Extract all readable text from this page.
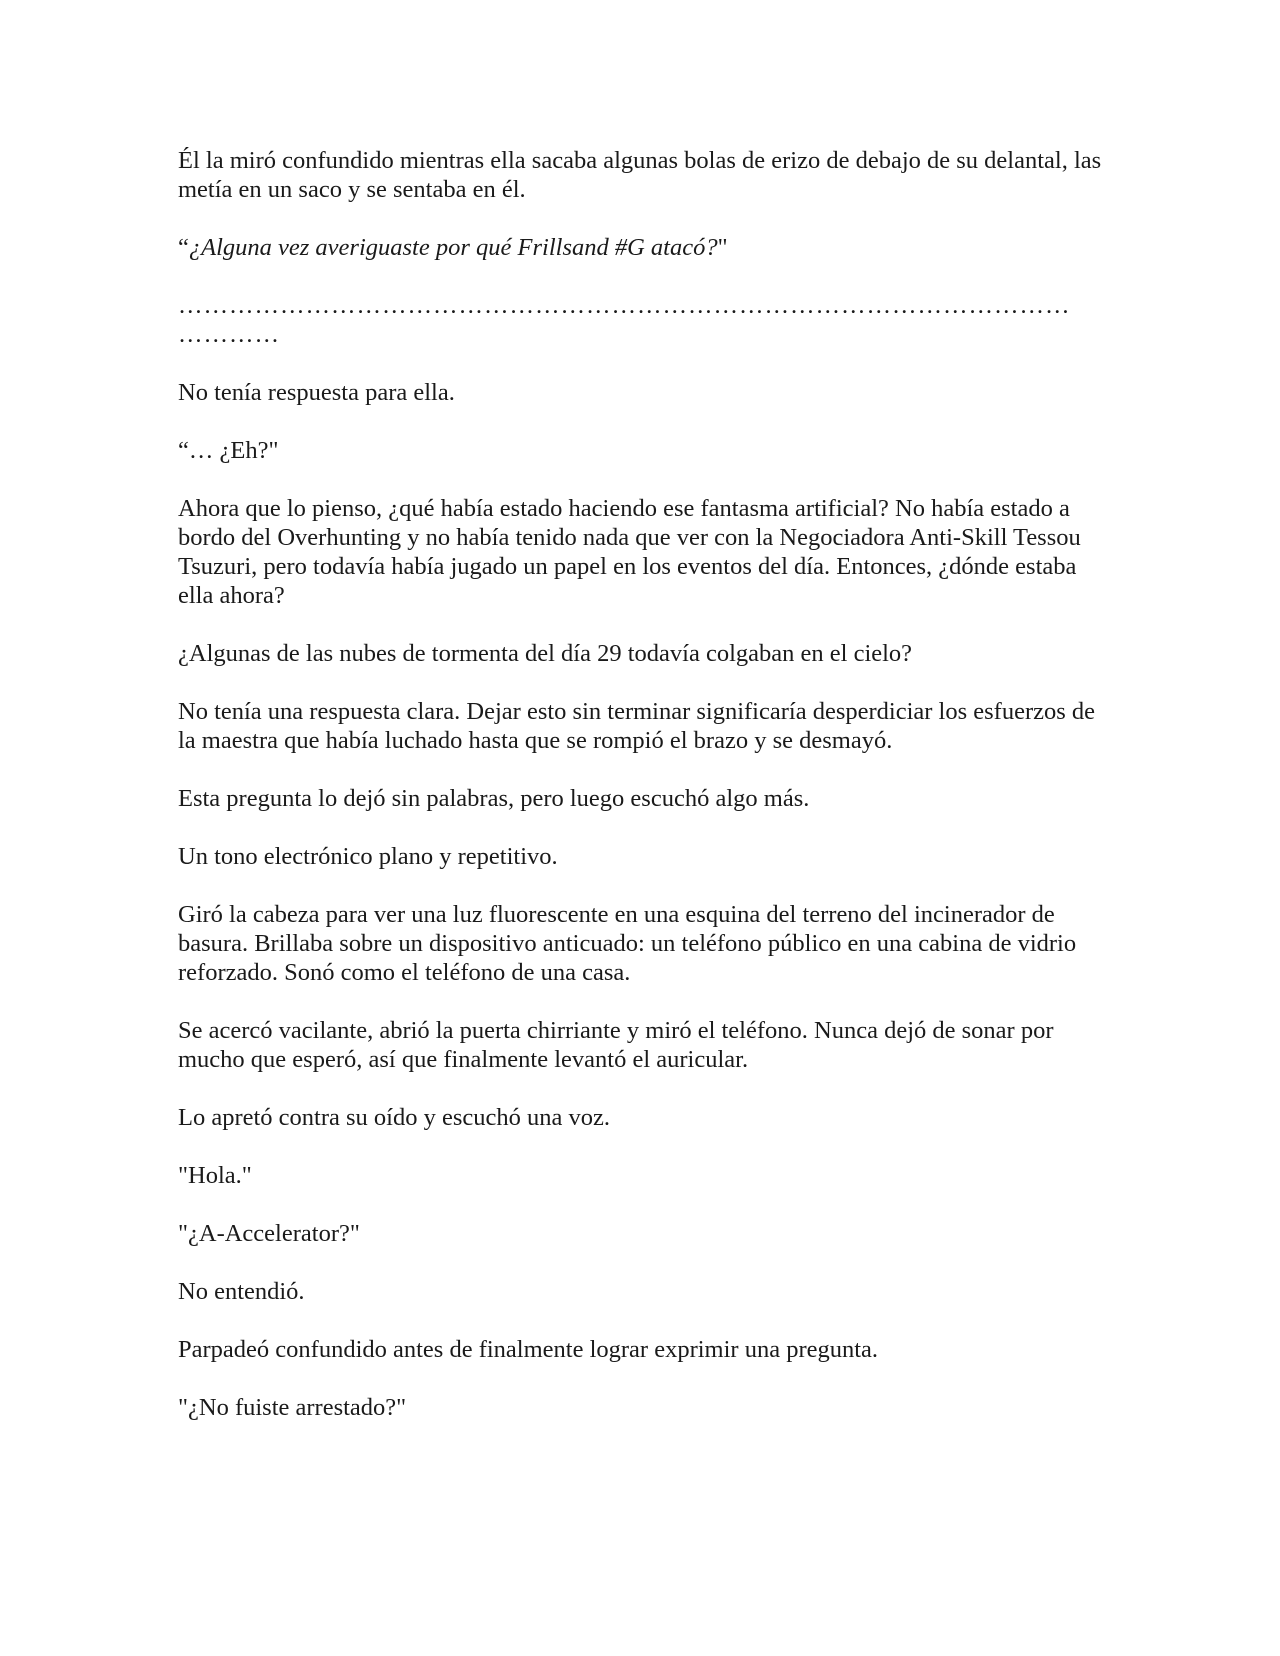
Él la miró confundido mientras ella sacaba algunas bolas de erizo de debajo de su delantal, las metía en un saco y se sentaba en él.

“¿Alguna vez averiguaste por qué Frillsand #G atacó?"

……………………………………………………………………………………………
…………

No tenía respuesta para ella.

“… ¿Eh?"

Ahora que lo pienso, ¿qué había estado haciendo ese fantasma artificial? No había estado a bordo del Overhunting y no había tenido nada que ver con la Negociadora Anti-Skill Tessou Tsuzuri, pero todavía había jugado un papel en los eventos del día. Entonces, ¿dónde estaba ella ahora?

¿Algunas de las nubes de tormenta del día 29 todavía colgaban en el cielo?

No tenía una respuesta clara. Dejar esto sin terminar significaría desperdiciar los esfuerzos de la maestra que había luchado hasta que se rompió el brazo y se desmayó.

Esta pregunta lo dejó sin palabras, pero luego escuchó algo más.

Un tono electrónico plano y repetitivo.

Giró la cabeza para ver una luz fluorescente en una esquina del terreno del incinerador de basura. Brillaba sobre un dispositivo anticuado: un teléfono público en una cabina de vidrio reforzado. Sonó como el teléfono de una casa.

Se acercó vacilante, abrió la puerta chirriante y miró el teléfono. Nunca dejó de sonar por mucho que esperó, así que finalmente levantó el auricular.

Lo apretó contra su oído y escuchó una voz.

"Hola."

"¿A-Accelerator?"

No entendió.

Parpadeó confundido antes de finalmente lograr exprimir una pregunta.

"¿No fuiste arrestado?"
